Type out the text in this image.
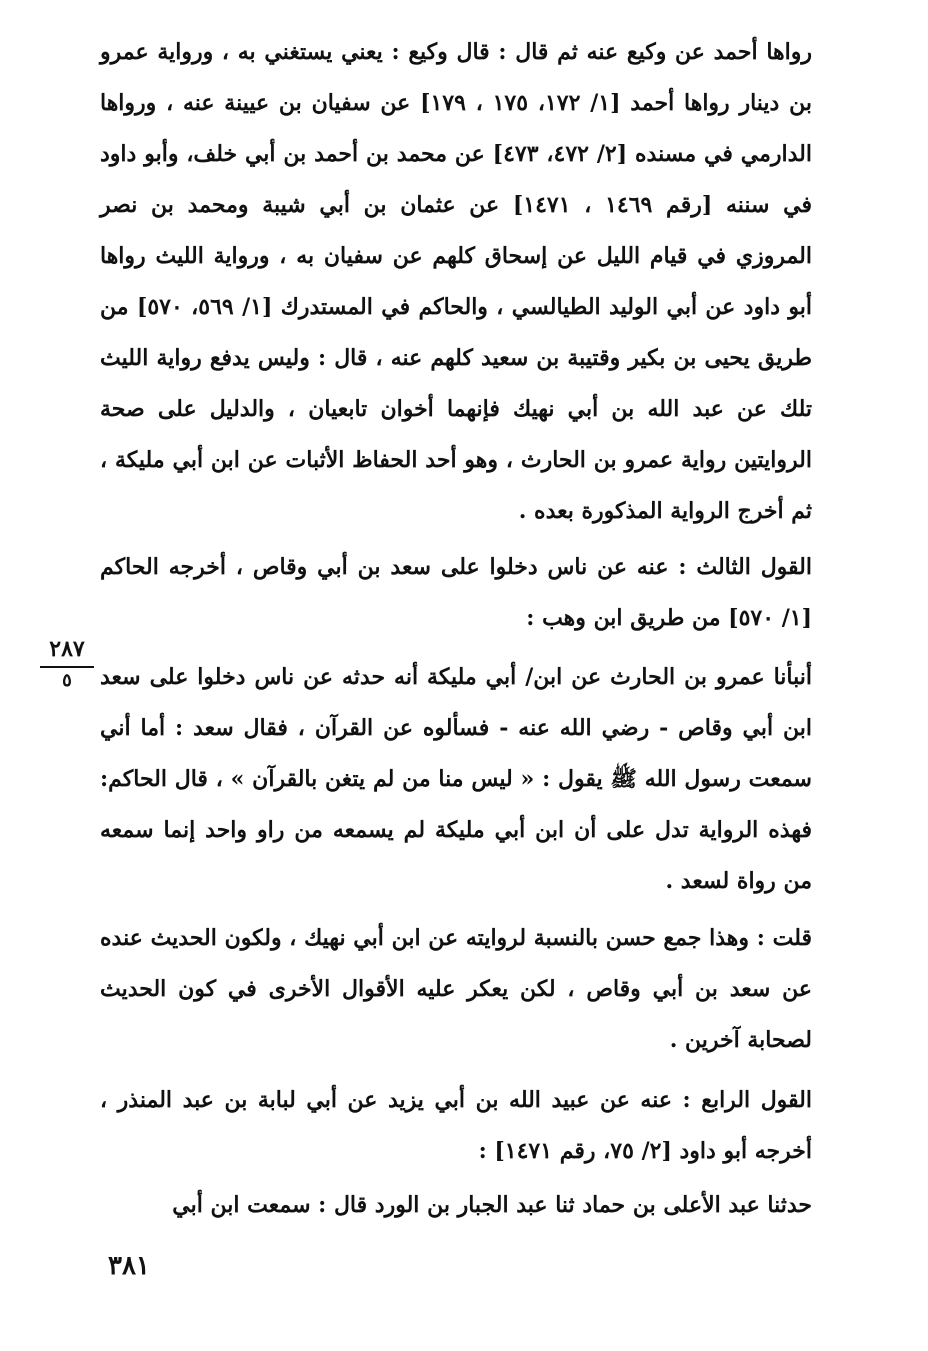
رواها أحمد عن وكيع عنه ثم قال : قال وكيع : يعني يستغني به ، ورواية عمرو بن دينار رواها أحمد [١/ ١٧٢، ١٧٥ ، ١٧٩] عن سفيان بن عيينة عنه ، ورواها الدارمي في مسنده [٢/ ٤٧٢، ٤٧٣] عن محمد بن أحمد بن أبي خلف، وأبو داود في سننه [رقم ١٤٦٩ ، ١٤٧١] عن عثمان بن أبي شيبة ومحمد بن نصر المروزي في قيام الليل عن إسحاق كلهم عن سفيان به ، ورواية الليث رواها أبو داود عن أبي الوليد الطيالسي ، والحاكم في المستدرك [١/ ٥٦٩، ٥٧٠] من طريق يحيى بن بكير وقتيبة بن سعيد كلهم عنه ، قال : وليس يدفع رواية الليث تلك عن عبد الله بن أبي نهيك فإنهما أخوان تابعيان ، والدليل على صحة الروايتين رواية عمرو بن الحارث ، وهو أحد الحفاظ الأثبات عن ابن أبي مليكة ، ثم أخرج الرواية المذكورة بعده .

القول الثالث : عنه عن ناس دخلوا على سعد بن أبي وقاص ، أخرجه الحاكم [١/ ٥٧٠] من طريق ابن وهب :

٢٨٧
٥	أنبأنا عمرو بن الحارث عن ابن/ أبي مليكة أنه حدثه عن ناس دخلوا على سعد ابن أبي وقاص - رضي الله عنه - فسألوه عن القرآن ، فقال سعد : أما أني سمعت رسول الله ﷺ يقول : « ليس منا من لم يتغن بالقرآن » ، قال الحاكم: فهذه الرواية تدل على أن ابن أبي مليكة لم يسمعه من راو واحد إنما سمعه من رواة لسعد .

قلت : وهذا جمع حسن بالنسبة لروايته عن ابن أبي نهيك ، ولكون الحديث عنده عن سعد بن أبي وقاص ، لكن يعكر عليه الأقوال الأخرى في كون الحديث لصحابة آخرين .

القول الرابع : عنه عن عبيد الله بن أبي يزيد عن أبي لبابة بن عبد المنذر ، أخرجه أبو داود [٢/ ٧٥، رقم ١٤٧١] :

حدثنا عبد الأعلى بن حماد ثنا عبد الجبار بن الورد قال : سمعت ابن أبي

٣٨١
